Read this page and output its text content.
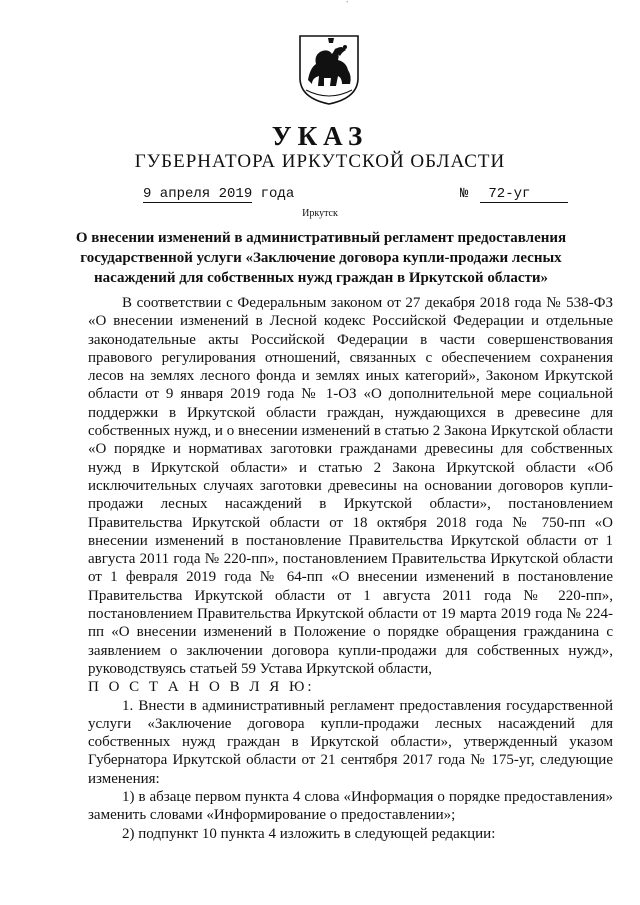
`
УКАЗ
ГУБЕРНАТОРА ИРКУТСКОЙ ОБЛАСТИ
9 апреля 2019 года	№	72-уг
Иркутск
О внесении изменений в административный регламент предоставления государственной услуги «Заключение договора купли-продажи лесных насаждений для собственных нужд граждан в Иркутской области»

В соответствии с Федеральным законом от 27 декабря 2018 года № 538-ФЗ «О внесении изменений в Лесной кодекс Российской Федерации и отдельные законодательные акты Российской Федерации в части совершенствования правового регулирования отношений, связанных с обеспечением сохранения лесов на землях лесного фонда и землях иных категорий», Законом Иркутской области от 9 января 2019 года № 1-ОЗ «О дополнительной мере социальной поддержки в Иркутской области граждан, нуждающихся в древесине для собственных нужд, и о внесении изменений в статью 2 Закона Иркутской области «О порядке и нормативах заготовки гражданами древесины для собственных нужд в Иркутской области» и статью 2 Закона Иркутской области «Об исключительных случаях заготовки древесины на основании договоров купли-продажи лесных насаждений в Иркутской области», постановлением Правительства Иркутской области от 18 октября 2018 года № 750-пп «О внесении изменений в постановление Правительства Иркутской области от 1 августа 2011 года № 220-пп», постановлением Правительства Иркутской области от 1 февраля 2019 года № 64-пп «О внесении изменений в постановление Правительства Иркутской области от 1 августа 2011 года № 220-пп», постановлением Правительства Иркутской области от 19 марта 2019 года № 224-пп «О внесении изменений в Положение о порядке обращения гражданина с заявлением о заключении договора купли-продажи для собственных нужд», руководствуясь статьей 59 Устава Иркутской области,

П О С Т А Н О В Л Я Ю:

1. Внести в административный регламент предоставления государственной услуги «Заключение договора купли-продажи лесных насаждений для собственных нужд граждан в Иркутской области», утвержденный указом Губернатора Иркутской области от 21 сентября 2017 года № 175-уг, следующие изменения:

1) в абзаце первом пункта 4 слова «Информация о порядке предоставления» заменить словами «Информирование о предоставлении»;

2) подпункт 10 пункта 4 изложить в следующей редакции:
